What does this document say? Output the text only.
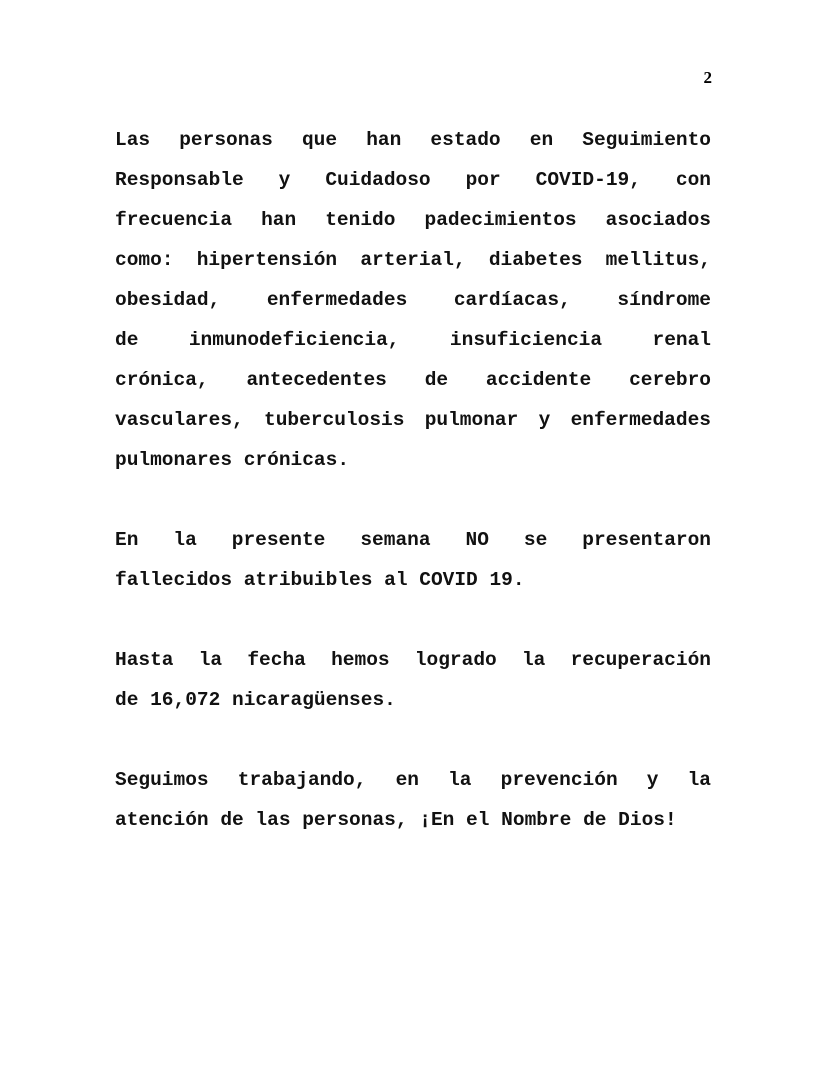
2
Las personas que han estado en Seguimiento
Responsable y Cuidadoso por COVID-19, con
frecuencia han tenido padecimientos asociados
como: hipertensión arterial, diabetes mellitus,
obesidad, enfermedades cardíacas, síndrome
de inmunodeficiencia, insuficiencia renal
crónica, antecedentes de accidente cerebro
vasculares, tuberculosis pulmonar y enfermedades
pulmonares crónicas.
En la presente semana NO se presentaron
fallecidos atribuibles al COVID 19.
Hasta la fecha hemos logrado la recuperación
de 16,072 nicaragüenses.
Seguimos trabajando, en la prevención y la
atención de las personas, ¡En el Nombre de Dios!
